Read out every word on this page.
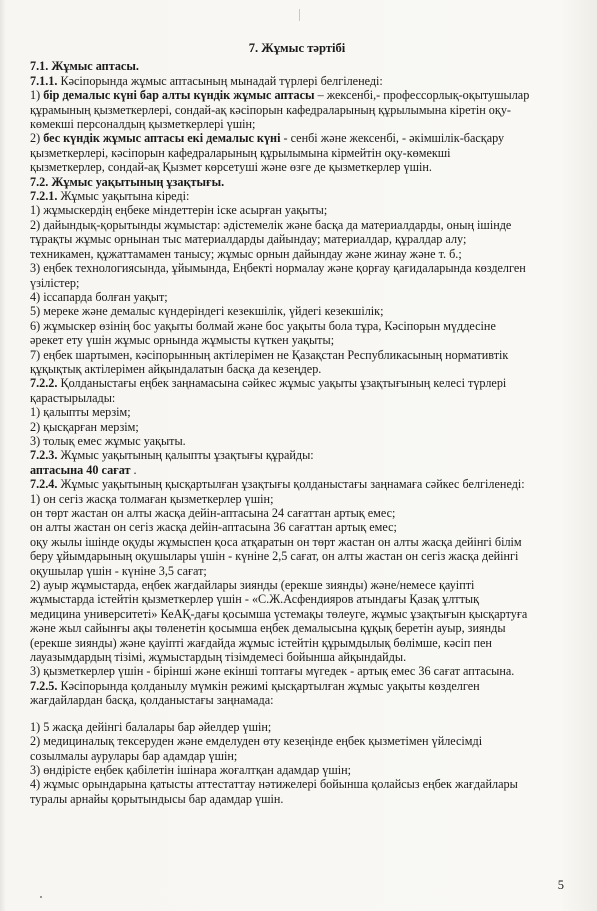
7. Жұмыс тәртібі

7.1. Жұмыс аптасы.

7.1.1. Кәсіпорында жұмыс аптасының мынадай түрлері белгіленеді:

1) бір демалыс күні бар алты күндік жұмыс аптасы – жексенбі,- профессорлық-оқытушылар

құрамының қызметкерлері, сондай-ақ кәсіпорын кафедраларының құрылымына кіретін оқу-

көмекші персоналдың қызметкерлері үшін;

2) бес күндік жұмыс аптасы екі демалыс күні - сенбі және жексенбі, - әкімшілік-басқару

қызметкерлері, кәсіпорын кафедраларының құрылымына кірмейтін оқу-көмекші

қызметкерлер, сондай-ақ Қызмет көрсетуші және өзге де қызметкерлер үшін.

7.2. Жұмыс уақытының ұзақтығы.

7.2.1. Жұмыс уақытына кіреді:

1) жұмыскердің еңбеке міндеттерін іске асырған уақыты;

2) дайындық-қорытынды жұмыстар: әдістемелік және басқа да материалдарды, оның ішінде

тұрақты жұмыс орнынан тыс материалдарды дайындау; материалдар, құралдар алу;

техникамен, құжаттамамен танысу; жұмыс орнын дайындау және жинау және т. б.;

3) еңбек технологиясында, ұйымында, Еңбекті нормалау және қорғау қағидаларында көзделген

үзілістер;

4) іссапарда болған уақыт;

5) мереке және демалыс күндеріндегі кезекшілік, үйдегі кезекшілік;

6) жұмыскер өзінің бос уақыты болмай және бос уақыты бола тұра, Кәсіпорын мүддесіне

әрекет ету үшін жұмыс орнында жұмысты күткен уақыты;

7) еңбек шартымен, кәсіпорынның актілерімен не Қазақстан Республикасының нормативтік

құқықтық актілерімен айқындалатын басқа да кезеңдер.

7.2.2. Қолданыстағы еңбек заңнамасына сәйкес жұмыс уақыты ұзақтығының келесі түрлері

қарастырылады:

1) қалыпты мерзім;

2) қысқарған мерзім;

3) толық емес жұмыс уақыты.

7.2.3. Жұмыс уақытының қалыпты ұзақтығы құрайды:

аптасына 40 сағат .

7.2.4. Жұмыс уақытының қысқартылған ұзақтығы қолданыстағы заңнамаға сәйкес белгіленеді:

1) он сегіз жасқа толмаған қызметкерлер үшін;

он төрт жастан он алты жасқа дейін-аптасына 24 сағаттан артық емес;

он алты жастан он сегіз жасқа дейін-аптасына 36 сағаттан артық емес;

оқу жылы ішінде оқуды жұмыспен қоса атқаратын он төрт жастан он алты жасқа дейінгі білім

беру ұйымдарының оқушылары үшін - күніне 2,5 сағат, он алты жастан он сегіз жасқа дейінгі

оқушылар үшін - күніне 3,5 сағат;

2) ауыр жұмыстарда, еңбек жағдайлары зиянды (ерекше зиянды) және/немесе қауіпті

жұмыстарда істейтін қызметкерлер үшін - «С.Ж.Асфендияров атындағы Қазақ ұлттық

медицина университеті» КеАҚ-дағы қосымша үстемақы төлеуге, жұмыс ұзақтығын қысқартуға

және жыл сайынғы ақы төленетін қосымша еңбек демалысына құқық беретін ауыр, зиянды

(ерекше зиянды) және қауіпті жағдайда жұмыс істейтін құрымдылық бөлімше, кәсіп пен

лауазымдардың тізімі, жұмыстардың тізімдемесі бойынша айқындайды.

3) қызметкерлер үшін - бірінші және екінші топтағы мүгедек - артық емес 36 сағат аптасына.

7.2.5. Кәсіпорында қолданылу мүмкін режимі қысқартылған жұмыс уақыты көзделген

жағдайлардан басқа, қолданыстағы заңнамада:

1) 5 жасқа дейінгі балалары бар әйелдер үшін;

2) медициналық тексеруден және емделуден өту кезеңінде еңбек қызметімен үйлесімді

созылмалы аурулары бар адамдар үшін;

3) өндірісте еңбек қабілетін ішінара жоғалтқан адамдар үшін;

4) жұмыс орындарына қатысты аттестаттау нәтижелері бойынша қолайсыз еңбек жағдайлары

туралы арнайы қорытындысы бар адамдар үшін.

5
